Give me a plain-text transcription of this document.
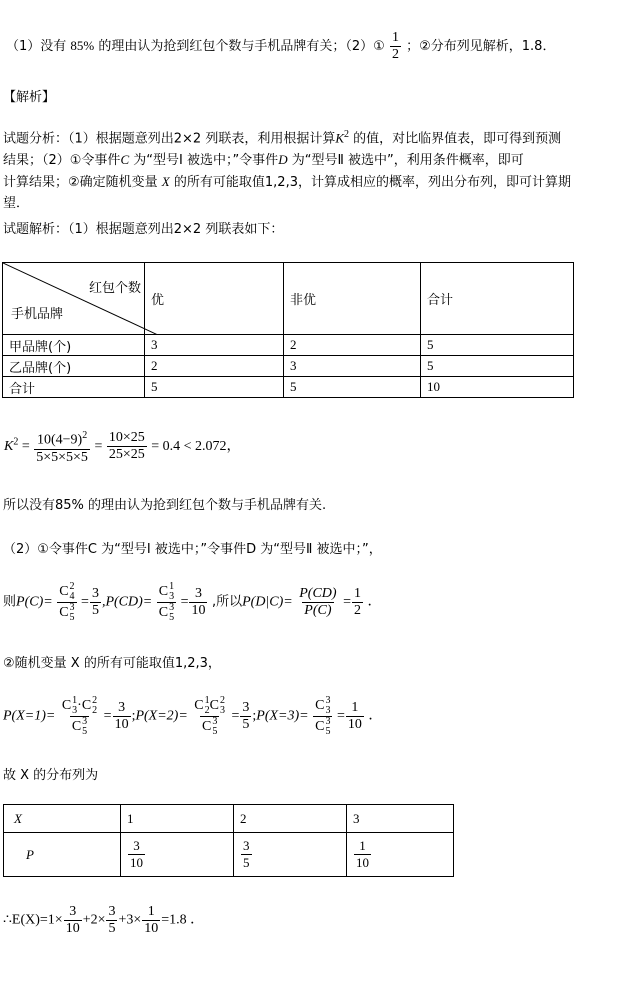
（1）没有 85% 的理由认为抢到红包个数与手机品牌有关；（2）① $\frac{1}{2}$ ；②分布列见解析，1.8．
【解析】
试题分析：（1）根据题意列出2×2 列联表，利用根据计算$K^2$ 的值，对比临界值表，即可得到预测
结果；（2）①令事件C 为“型号Ⅰ 被选中；”令事件D 为“型号Ⅱ 被选中”，利用条件概率，即可
计算结果；②确定随机变量 X 的所有可能取值1,2,3，计算成相应的概率，列出分布列，即可计算期
望．
试题解析：（1）根据题意列出2×2 列联表如下：
红包个数
手机品牌	优	非优	合计
甲品牌(个)	3	2	5
乙品牌(个)	2	3	5
合计	5	5	10
$K^2 = \frac{10(4-9)^2}{5\times 5\times 5\times 5} = \frac{10\times 25}{25\times 25} = 0.4 < 2.072$，
所以没有85% 的理由认为抢到红包个数与手机品牌有关.
（2）①令事件C 为“型号Ⅰ 被选中；”令事件D 为“型号Ⅱ 被选中；”，
则P(C)= C 2
4
C 3
$5 = \frac{3}{5} ,P(CD)= C$ 1
3
C 3
$5 = \frac{3}{10}$ ,所以$P(D|C)= \frac{P(CD)}{P(C)} = \frac{1}{2}$ ．
②随机变量 X 的所有可能取值1,2,3，
P(X=1)= C 1
3 ·C 2
2
C 3
$5 = \frac{3}{10}$ ;P(X=2)= C 1
2 C 2
3
C 3
$5 = \frac{3}{5}$ ;P(X=3)= C 3
3
C 3
$5 = \frac{1}{10}$ ．
故 X 的分布列为
X	1	2	3
P	$\frac{3}{10}$	$\frac{3}{5}$	$\frac{1}{10}$
∴E(X)=1× $\frac{3}{10} +2\times \frac{3}{5} +3\times \frac{1}{10} =1.8$ ．
